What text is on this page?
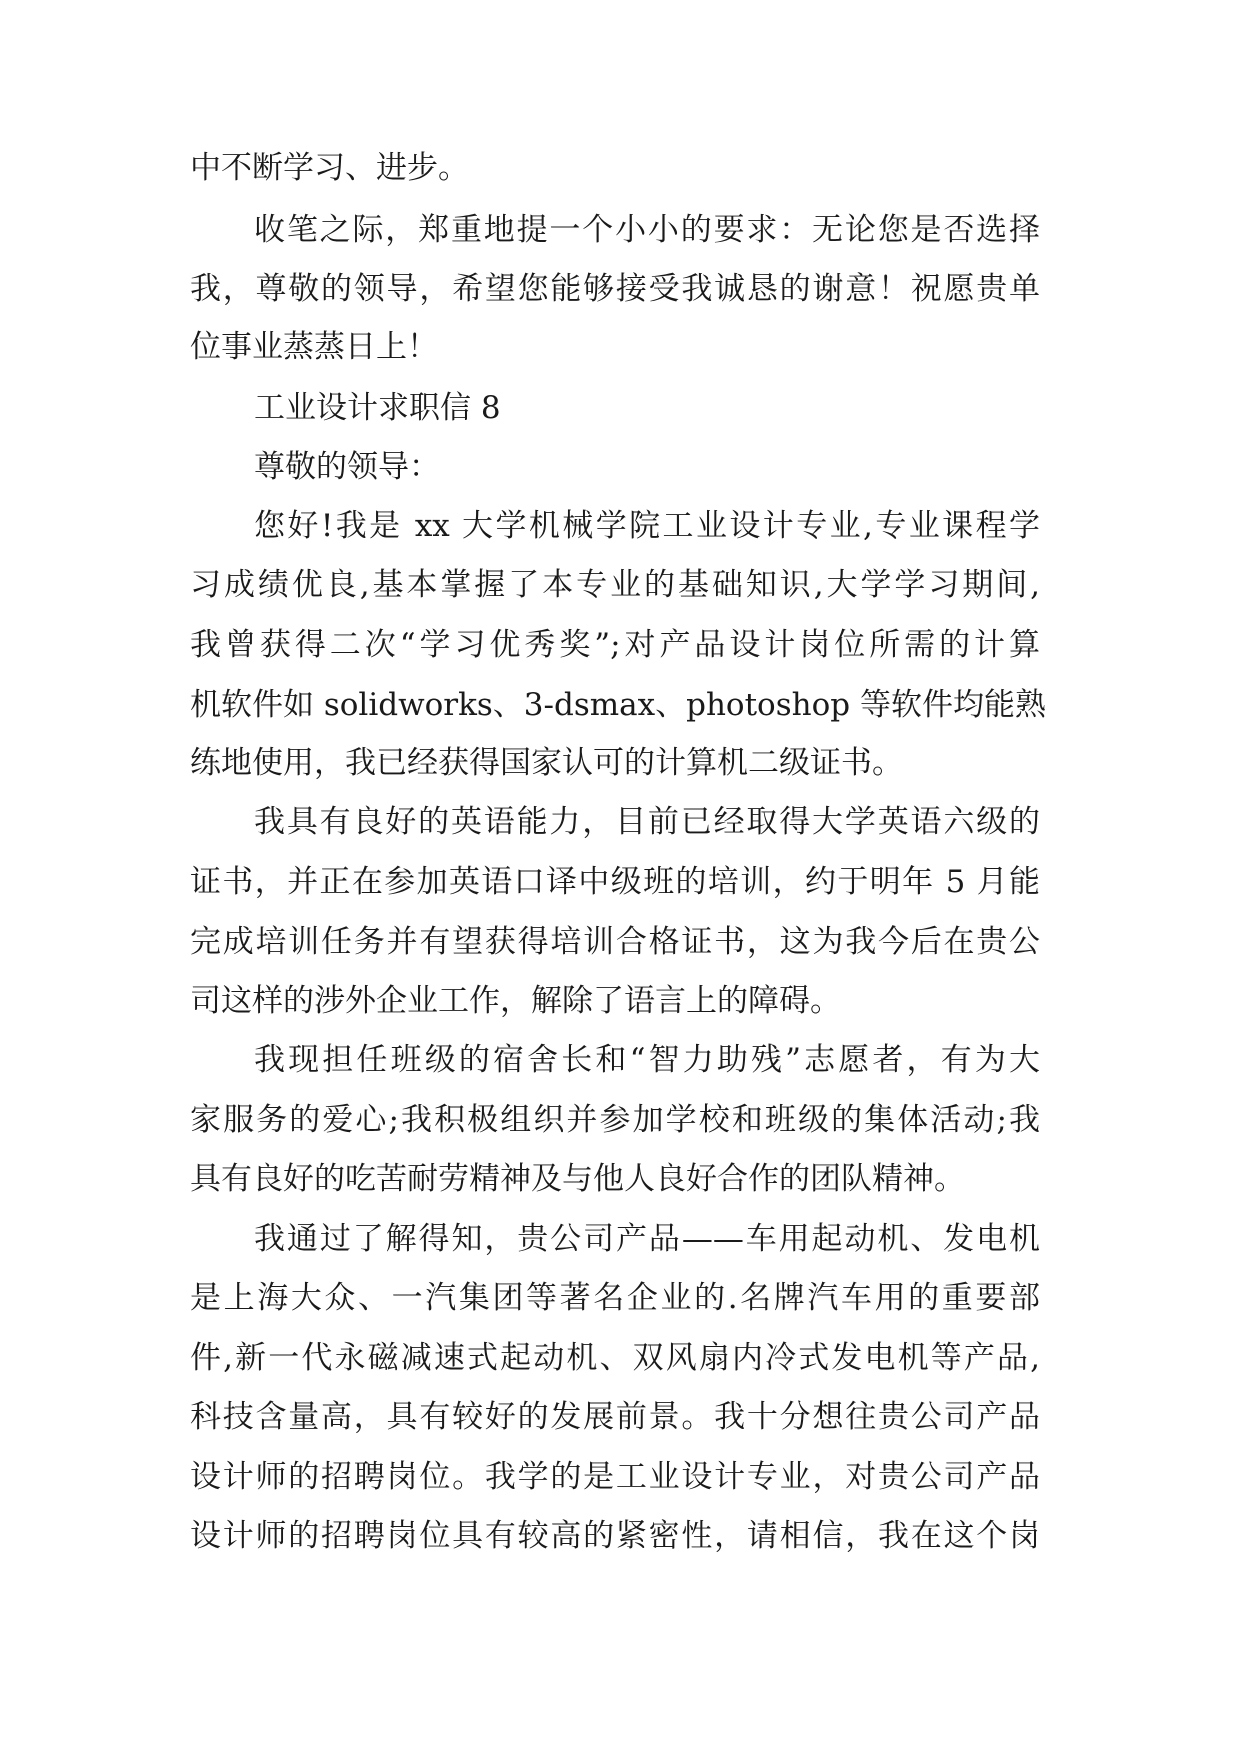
中不断学习、进步。
收笔之际，郑重地提一个小小的要求：无论您是否选择
我，尊敬的领导，希望您能够接受我诚恳的谢意！祝愿贵单
位事业蒸蒸日上！
工业设计求职信 8
尊敬的领导：
您好!我是 xx 大学机械学院工业设计专业,专业课程学
习成绩优良,基本掌握了本专业的基础知识,大学学习期间,
我曾获得二次“学习优秀奖”;对产品设计岗位所需的计算
机软件如 solidworks、3-dsmax、photoshop 等软件均能熟
练地使用，我已经获得国家认可的计算机二级证书。
我具有良好的英语能力，目前已经取得大学英语六级的
证书，并正在参加英语口译中级班的培训，约于明年 5 月能
完成培训任务并有望获得培训合格证书，这为我今后在贵公
司这样的涉外企业工作，解除了语言上的障碍。
我现担任班级的宿舍长和“智力助残”志愿者，有为大
家服务的爱心;我积极组织并参加学校和班级的集体活动;我
具有良好的吃苦耐劳精神及与他人良好合作的团队精神。
我通过了解得知，贵公司产品——车用起动机、发电机
是上海大众、一汽集团等著名企业的.名牌汽车用的重要部
件,新一代永磁减速式起动机、双风扇内冷式发电机等产品,
科技含量高，具有较好的发展前景。我十分想往贵公司产品
设计师的招聘岗位。我学的是工业设计专业，对贵公司产品
设计师的招聘岗位具有较高的紧密性，请相信，我在这个岗
